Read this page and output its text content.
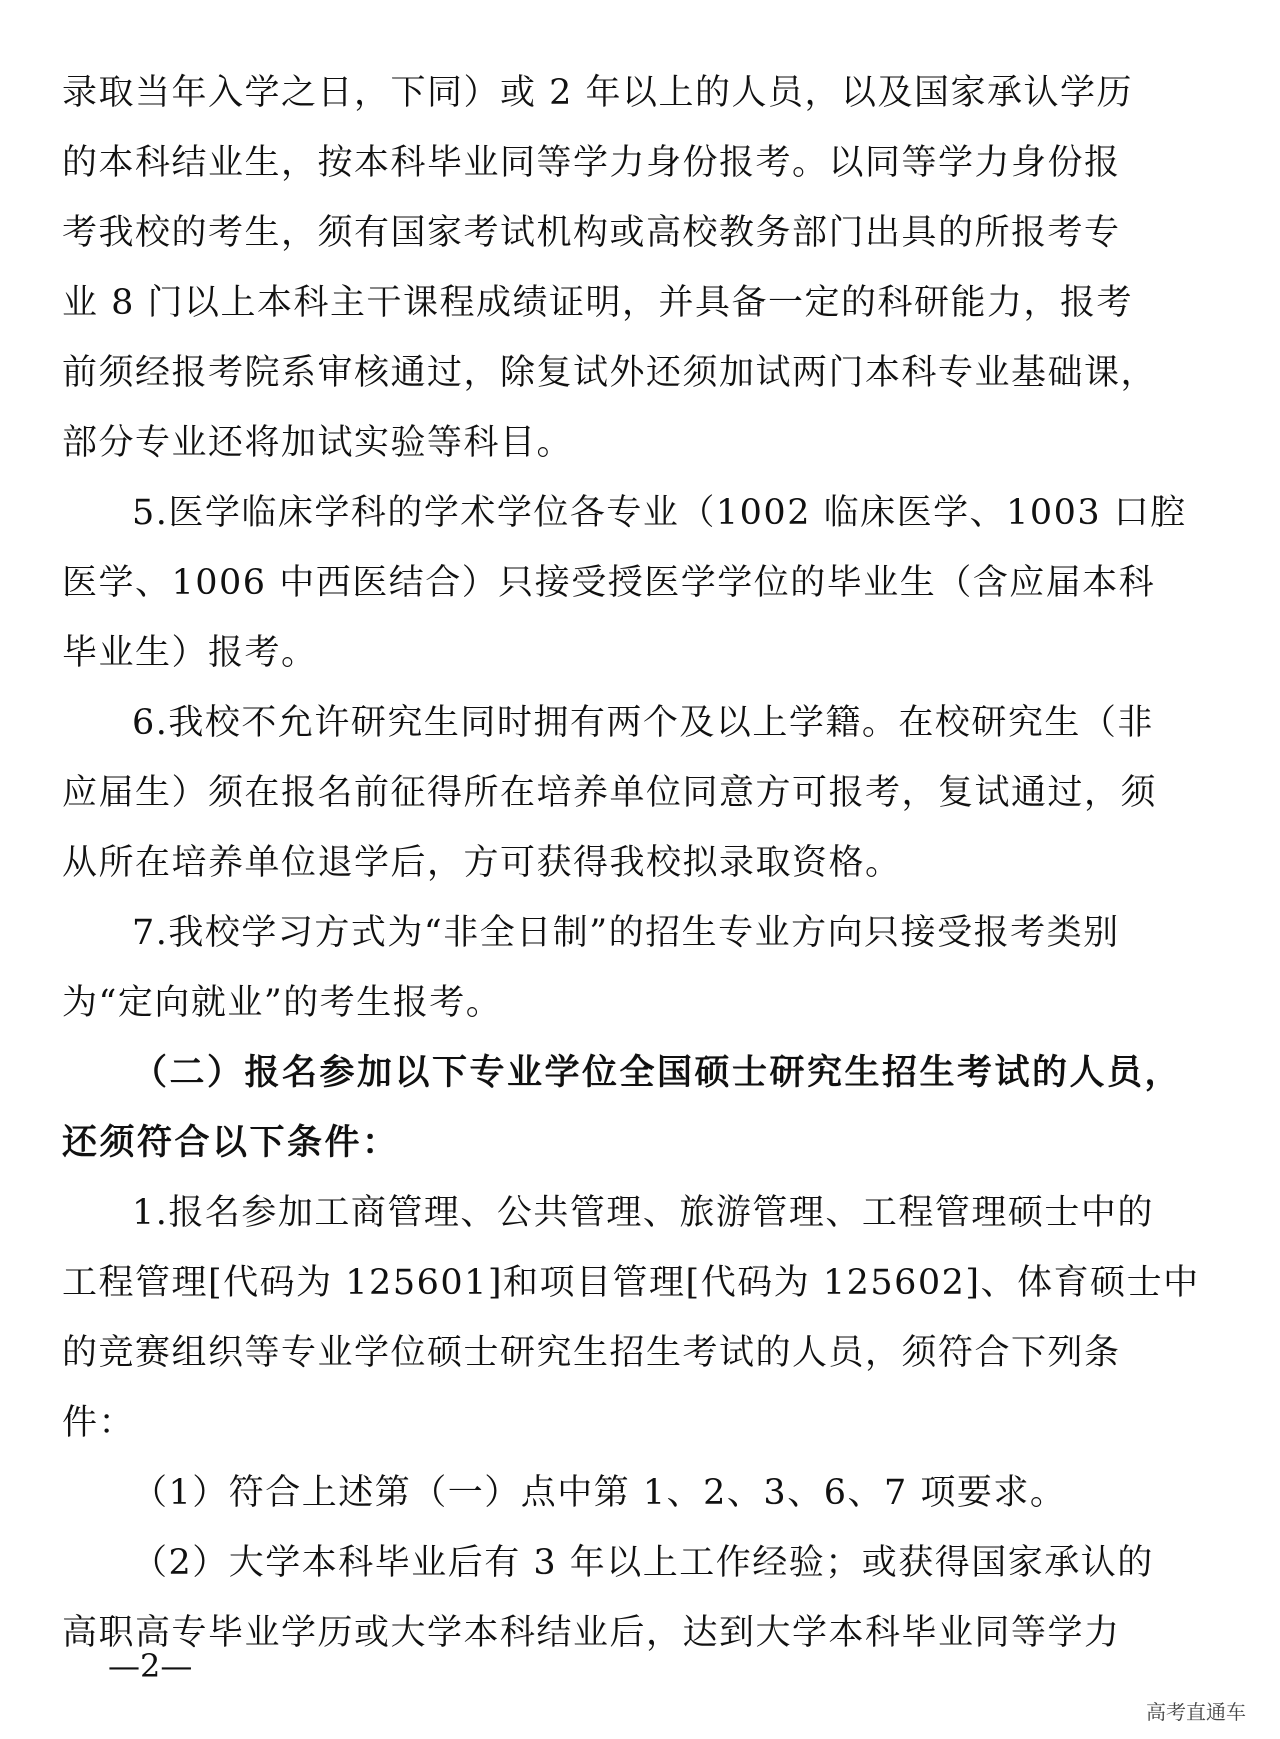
录取当年入学之日，下同）或 2 年以上的人员，以及国家承认学历
的本科结业生，按本科毕业同等学力身份报考。以同等学力身份报
考我校的考生，须有国家考试机构或高校教务部门出具的所报考专
业 8 门以上本科主干课程成绩证明，并具备一定的科研能力，报考
前须经报考院系审核通过，除复试外还须加试两门本科专业基础课，
部分专业还将加试实验等科目。
5.医学临床学科的学术学位各专业（1002 临床医学、1003 口腔
医学、1006 中西医结合）只接受授医学学位的毕业生（含应届本科
毕业生）报考。
6.我校不允许研究生同时拥有两个及以上学籍。在校研究生（非
应届生）须在报名前征得所在培养单位同意方可报考，复试通过，须
从所在培养单位退学后，方可获得我校拟录取资格。
7.我校学习方式为“非全日制”的招生专业方向只接受报考类别
为“定向就业”的考生报考。
（二）报名参加以下专业学位全国硕士研究生招生考试的人员，
还须符合以下条件：
1.报名参加工商管理、公共管理、旅游管理、工程管理硕士中的
工程管理[代码为 125601]和项目管理[代码为 125602]、体育硕士中
的竞赛组织等专业学位硕士研究生招生考试的人员，须符合下列条
件：
（1）符合上述第（一）点中第 1、2、3、6、7 项要求。
（2）大学本科毕业后有 3 年以上工作经验；或获得国家承认的
高职高专毕业学历或大学本科结业后，达到大学本科毕业同等学力
—2—
高考直通车
